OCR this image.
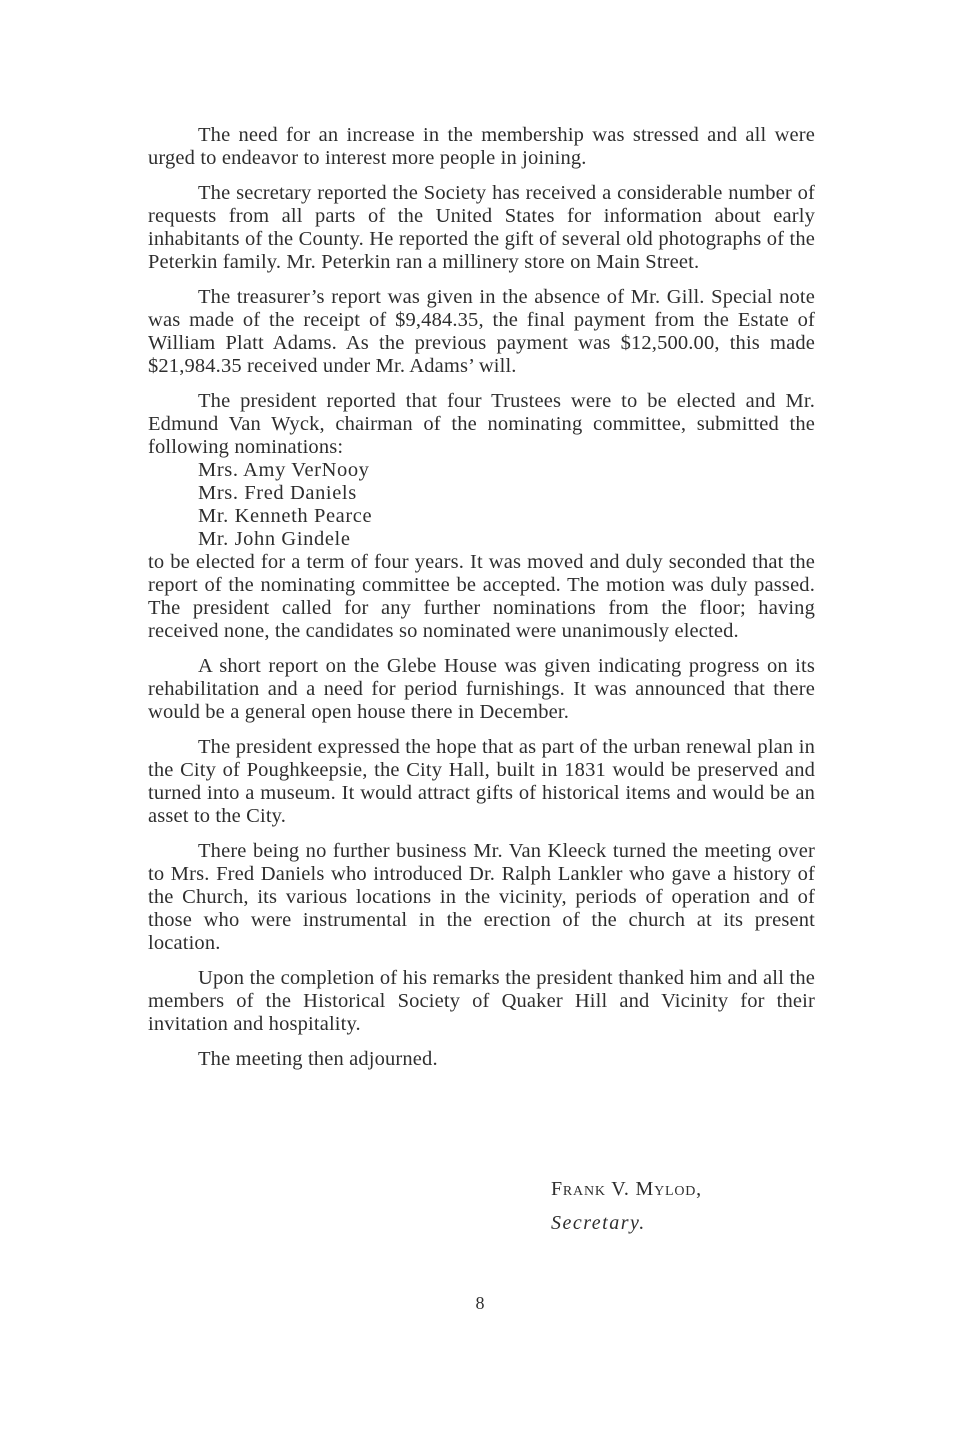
The need for an increase in the membership was stressed and all were urged to endeavor to interest more people in joining.

The secretary reported the Society has received a considerable number of requests from all parts of the United States for information about early inhabitants of the County. He reported the gift of several old photographs of the Peterkin family. Mr. Peterkin ran a millinery store on Main Street.

The treasurer’s report was given in the absence of Mr. Gill. Special note was made of the receipt of $9,484.35, the final payment from the Estate of William Platt Adams. As the previous payment was $12,500.00, this made $21,984.35 received under Mr. Adams’ will.

The president reported that four Trustees were to be elected and Mr. Edmund Van Wyck, chairman of the nominating committee, submitted the following nominations:

Mrs. Amy VerNooy
Mrs. Fred Daniels
Mr. Kenneth Pearce
Mr. John Gindele

to be elected for a term of four years. It was moved and duly seconded that the report of the nominating committee be accepted. The motion was duly passed. The president called for any further nominations from the floor; having received none, the candidates so nominated were unanimously elected.

A short report on the Glebe House was given indicating progress on its rehabilitation and a need for period furnishings. It was announced that there would be a general open house there in December.

The president expressed the hope that as part of the urban renewal plan in the City of Poughkeepsie, the City Hall, built in 1831 would be preserved and turned into a museum. It would attract gifts of historical items and would be an asset to the City.

There being no further business Mr. Van Kleeck turned the meeting over to Mrs. Fred Daniels who introduced Dr. Ralph Lankler who gave a history of the Church, its various locations in the vicinity, periods of operation and of those who were instrumental in the erection of the church at its present location.

Upon the completion of his remarks the president thanked him and all the members of the Historical Society of Quaker Hill and Vicinity for their invitation and hospitality.

The meeting then adjourned.

Frank V. Mylod,
Secretary.
8
